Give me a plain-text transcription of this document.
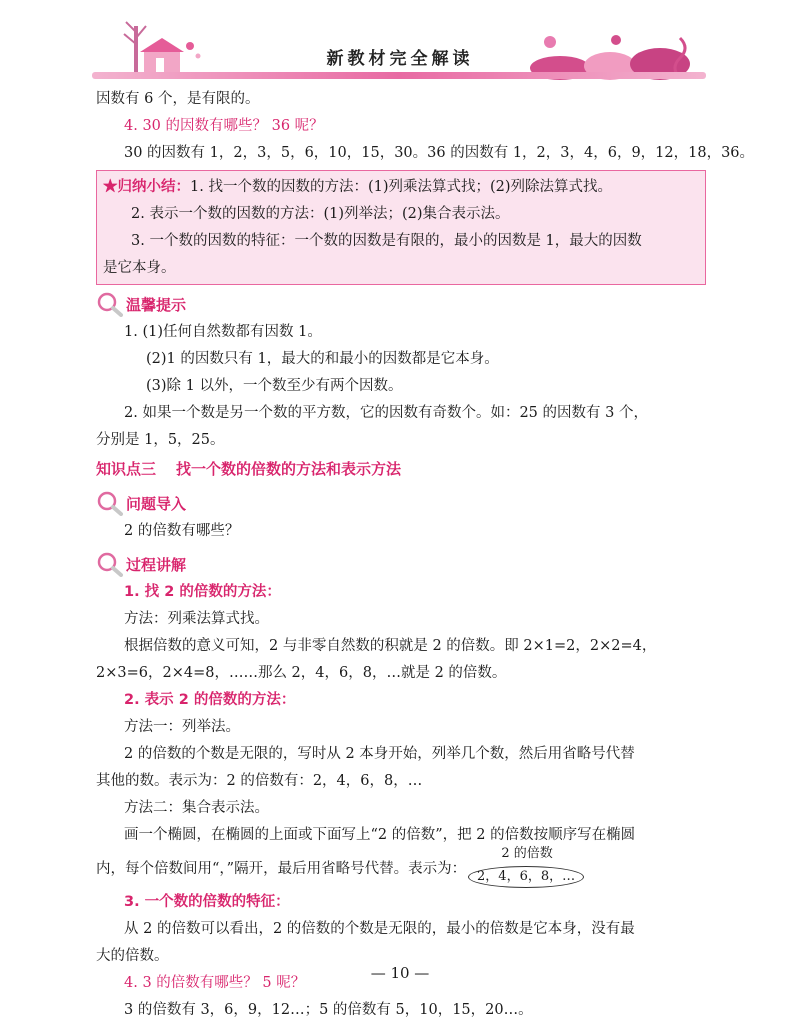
新教材完全解读
因数有 6 个，是有限的。
4. 30 的因数有哪些？ 36 呢？
30 的因数有 1，2，3，5，6，10，15，30。36 的因数有 1，2，3，4，6，9，12，18，36。
★归纳小结：1. 找一个数的因数的方法：(1)列乘法算式找；(2)列除法算式找。
2. 表示一个数的因数的方法：(1)列举法；(2)集合表示法。
3. 一个数的因数的特征：一个数的因数是有限的，最小的因数是 1，最大的因数
是它本身。
温馨提示
1. (1)任何自然数都有因数 1。
(2)1 的因数只有 1，最大的和最小的因数都是它本身。
(3)除 1 以外，一个数至少有两个因数。
2. 如果一个数是另一个数的平方数，它的因数有奇数个。如：25 的因数有 3 个，
分别是 1，5，25。
知识点三 找一个数的倍数的方法和表示方法
问题导入
2 的倍数有哪些？
过程讲解
1. 找 2 的倍数的方法：
方法：列乘法算式找。
根据倍数的意义可知，2 与非零自然数的积就是 2 的倍数。即 2×1=2，2×2=4，
2×3=6，2×4=8，……那么 2，4，6，8，…就是 2 的倍数。
2. 表示 2 的倍数的方法：
方法一：列举法。
2 的倍数的个数是无限的，写时从 2 本身开始，列举几个数，然后用省略号代替
其他的数。表示为：2 的倍数有：2，4，6，8，…
方法二：集合表示法。
画一个椭圆，在椭圆的上面或下面写上“2 的倍数”，把 2 的倍数按顺序写在椭圆
内，每个倍数间用“，”隔开，最后用省略号代替。表示为：
2 的倍数
2，4，6，8，…
3. 一个数的倍数的特征：
从 2 的倍数可以看出，2 的倍数的个数是无限的，最小的倍数是它本身，没有最
大的倍数。
4. 3 的倍数有哪些？ 5 呢？
3 的倍数有 3，6，9，12…；5 的倍数有 5，10，15，20…。
— 10 —
